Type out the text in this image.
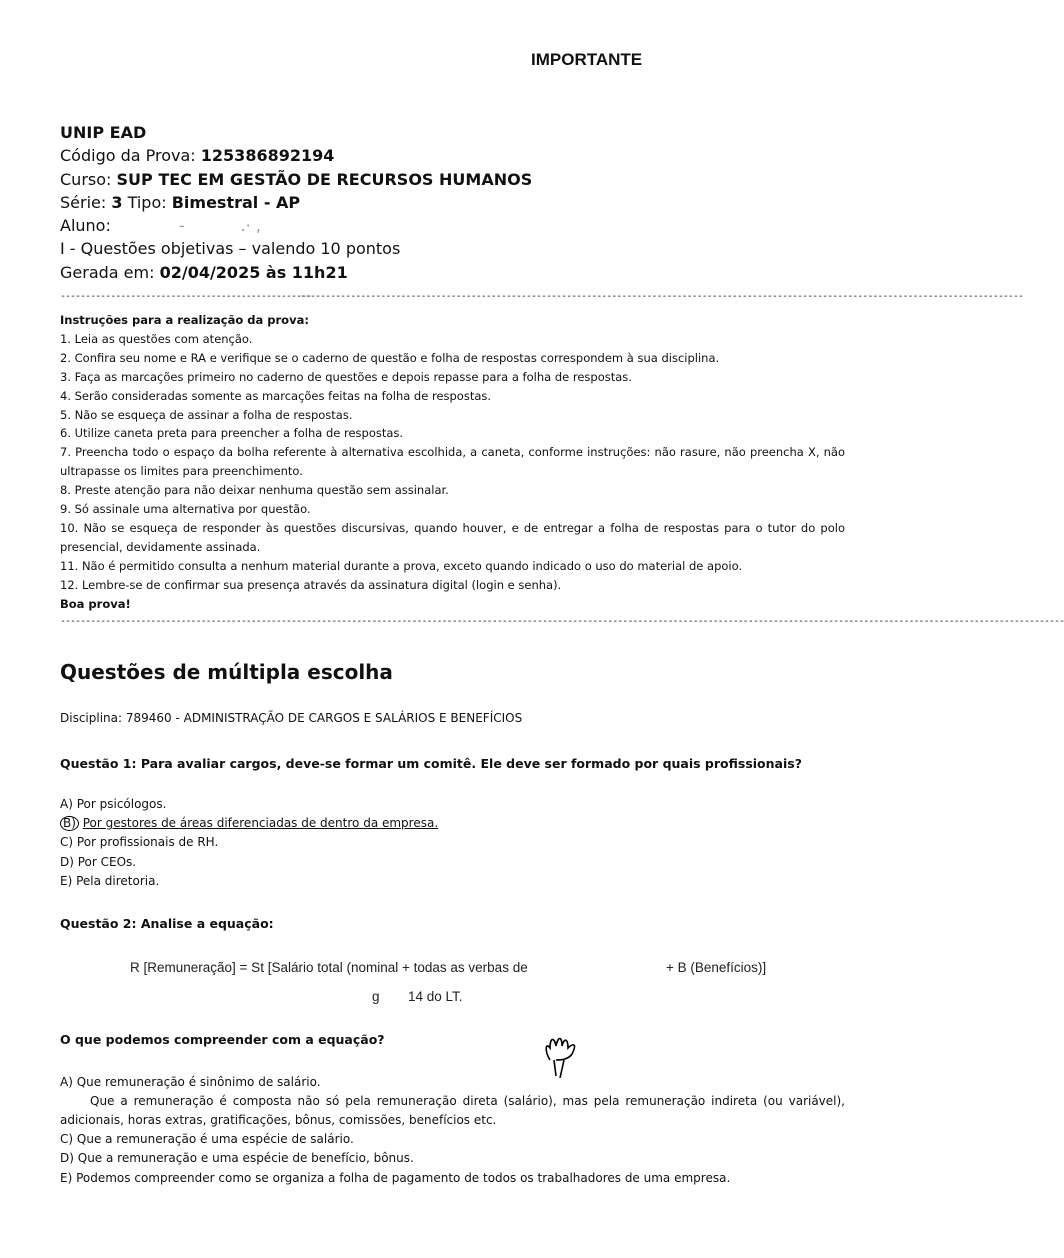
IMPORTANTE
UNIP EAD
Código da Prova: 125386892194
Curso: SUP TEC EM GESTÃO DE RECURSOS HUMANOS
Série: 3 Tipo: Bimestral - AP
Aluno:	-           .· ,
I - Questões objetivas – valendo 10 pontos
Gerada em: 02/04/2025 às 11h21
--------------------------------------------------
------------------------------------------------------------------------------------------------------------------------------------------------
Instruções para a realização da prova:
1. Leia as questões com atenção.
2. Confira seu nome e RA e verifique se o caderno de questão e folha de respostas correspondem à sua disciplina.
3. Faça as marcações primeiro no caderno de questões e depois repasse para a folha de respostas.
4. Serão consideradas somente as marcações feitas na folha de respostas.
5. Não se esqueça de assinar a folha de respostas.
6. Utilize caneta preta para preencher a folha de respostas.
7. Preencha todo o espaço da bolha referente à alternativa escolhida, a caneta, conforme instruções: não rasure, não preencha X, não ultrapasse os limites para preenchimento.
8. Preste atenção para não deixar nenhuma questão sem assinalar.
9. Só assinale uma alternativa por questão.
10. Não se esqueça de responder às questões discursivas, quando houver, e de entregar a folha de respostas para o tutor do polo presencial, devidamente assinada.
11. Não é permitido consulta a nenhum material durante a prova, exceto quando indicado o uso do material de apoio.
12. Lembre-se de confirmar sua presença através da assinatura digital (login e senha).
Boa prova!
--------------------------------------------------------------------------------------------------------------------------------------------------------------------------------------------------------
Questões de múltipla escolha
Disciplina: 789460 - ADMINISTRAÇÃO DE CARGOS E SALÁRIOS E BENEFÍCIOS
Questão 1: Para avaliar cargos, deve-se formar um comitê. Ele deve ser formado por quais profissionais?
A) Por psicólogos.
B) Por gestores de áreas diferenciadas de dentro da empresa.
C) Por profissionais de RH.
D) Por CEOs.
E) Pela diretoria.
Questão 2: Analise a equação:
R [Remuneração] = St [Salário total (nominal + todas as verbas de	+ B (Benefícios)]
g 14 do LT.
O que podemos compreender com a equação?
A) Que remuneração é sinônimo de salário.
Que a remuneração é composta não só pela remuneração direta (salário), mas pela remuneração indireta (ou variável), adicionais, horas extras, gratificações, bônus, comissões, benefícios etc.
C) Que a remuneração é uma espécie de salário.
D) Que a remuneração e uma espécie de benefício, bônus.
E) Podemos compreender como se organiza a folha de pagamento de todos os trabalhadores de uma empresa.
